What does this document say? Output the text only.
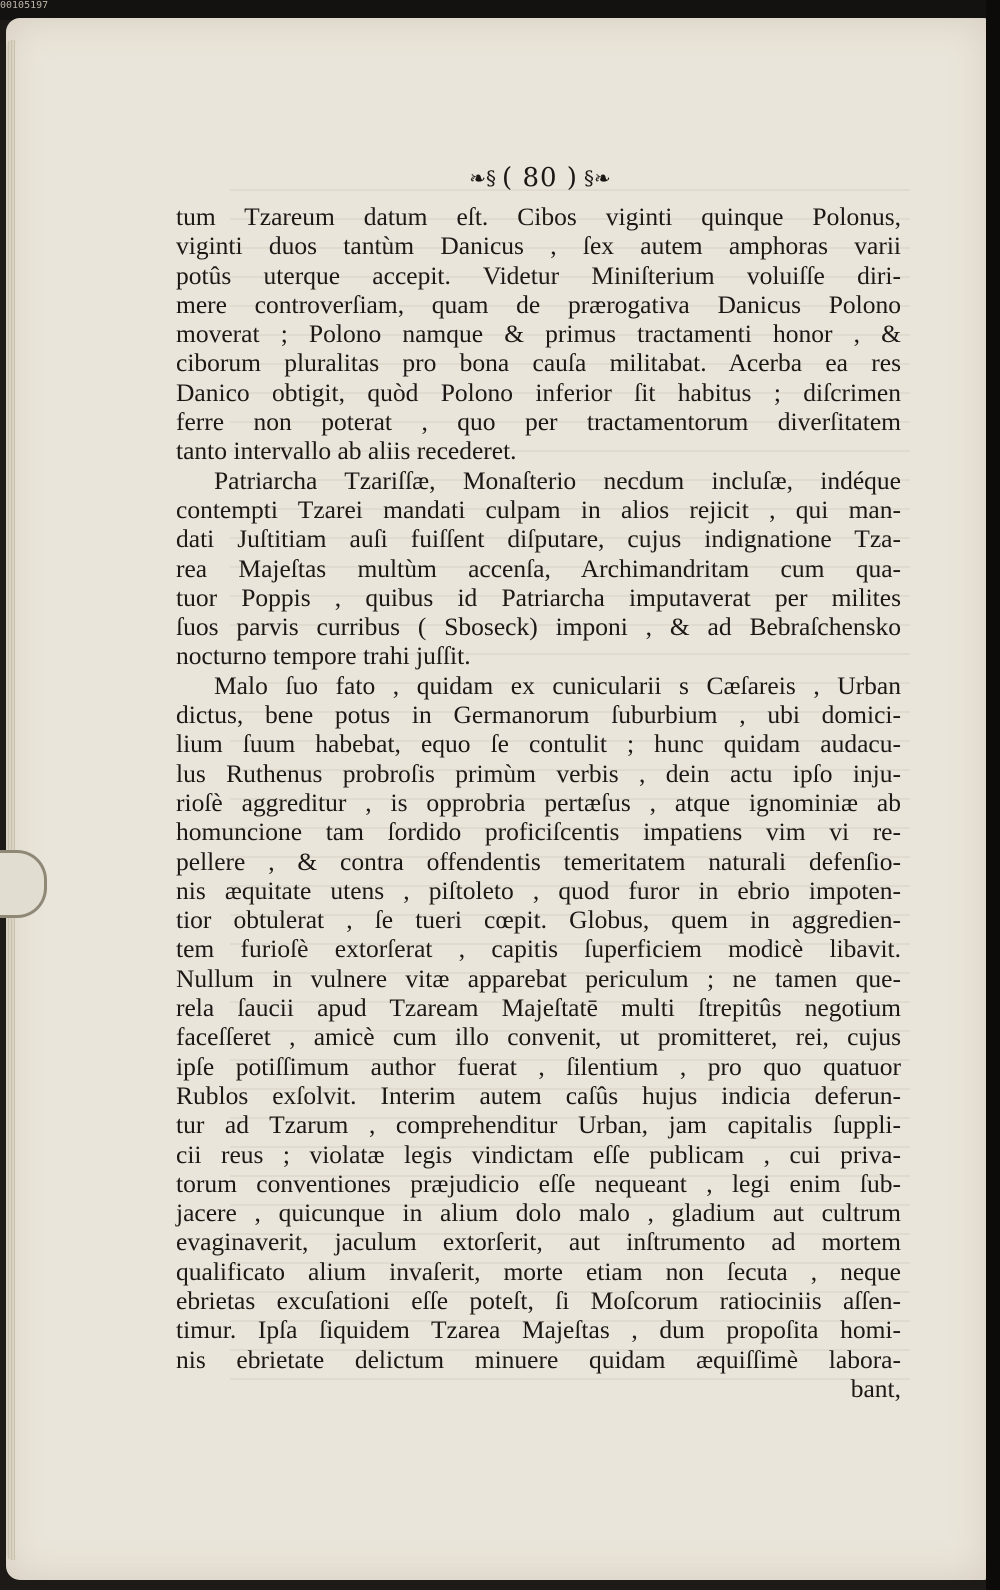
00105197
❧§ ( 80 ) §❧
tum Tzareum datum eſt. Cibos viginti quinque Polonus,
viginti duos tantùm Danicus , ſex autem amphoras varii
potûs uterque accepit. Videtur Miniſterium voluiſſe diri-
mere controverſiam, quam de prærogativa Danicus Polono
moverat ; Polono namque & primus tractamenti honor , &
ciborum pluralitas pro bona cauſa militabat. Acerba ea res
Danico obtigit, quòd Polono inferior ſit habitus ; diſcrimen
ferre non poterat , quo per tractamentorum diverſitatem
tanto intervallo ab aliis recederet.
Patriarcha Tzariſſæ, Monaſterio necdum incluſæ, indéque
contempti Tzarei mandati culpam in alios rejicit , qui man-
dati Juſtitiam auſi fuiſſent diſputare, cujus indignatione Tza-
rea Majeſtas multùm accenſa, Archimandritam cum qua-
tuor Poppis , quibus id Patriarcha imputaverat per milites
ſuos parvis curribus ( Sboseck) imponi , & ad Bebraſchensko
nocturno tempore trahi juſſit.
Malo ſuo fato , quidam ex cunicularii s Cæſareis , Urban
dictus, bene potus in Germanorum ſuburbium , ubi domici-
lium ſuum habebat, equo ſe contulit ; hunc quidam audacu-
lus Ruthenus probroſis primùm verbis , dein actu ipſo inju-
rioſè aggreditur , is opprobria pertæſus , atque ignominiæ ab
homuncione tam ſordido proficiſcentis impatiens vim vi re-
pellere , & contra offendentis temeritatem naturali defenſio-
nis æquitate utens , piſtoleto , quod furor in ebrio impoten-
tior obtulerat , ſe tueri cœpit. Globus, quem in aggredien-
tem furioſè extorſerat , capitis ſuperficiem modicè libavit.
Nullum in vulnere vitæ apparebat periculum ; ne tamen que-
rela ſaucii apud Tzaream Majeſtatē multi ſtrepitûs negotium
faceſſeret , amicè cum illo convenit, ut promitteret, rei, cujus
ipſe potiſſimum author fuerat , ſilentium , pro quo quatuor
Rublos exſolvit. Interim autem caſûs hujus indicia deferun-
tur ad Tzarum , comprehenditur Urban, jam capitalis ſuppli-
cii reus ; violatæ legis vindictam eſſe publicam , cui priva-
torum conventiones præjudicio eſſe nequeant , legi enim ſub-
jacere , quicunque in alium dolo malo , gladium aut cultrum
evaginaverit, jaculum extorſerit, aut inſtrumento ad mortem
qualificato alium invaſerit, morte etiam non ſecuta , neque
ebrietas excuſationi eſſe poteſt, ſi Moſcorum ratiociniis aſſen-
timur. Ipſa ſiquidem Tzarea Majeſtas , dum propoſita homi-
nis ebrietate delictum minuere quidam æquiſſimè labora-
bant,
